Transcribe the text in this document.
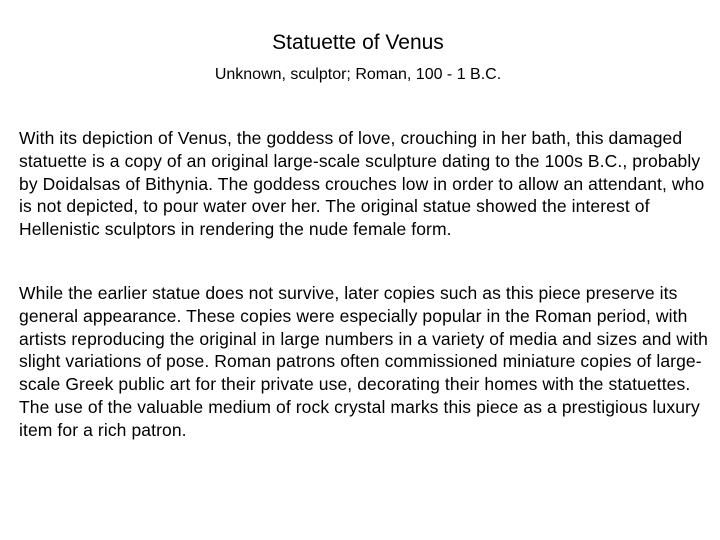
Statuette of Venus
Unknown, sculptor; Roman, 100 - 1 B.C.

With its depiction of Venus, the goddess of love, crouching in her bath, this damaged statuette is a copy of an original large-scale sculpture dating to the 100s B.C., probably by Doidalsas of Bithynia. The goddess crouches low in order to allow an attendant, who is not depicted, to pour water over her. The original statue showed the interest of Hellenistic sculptors in rendering the nude female form.

While the earlier statue does not survive, later copies such as this piece preserve its general appearance. These copies were especially popular in the Roman period, with artists reproducing the original in large numbers in a variety of media and sizes and with slight variations of pose. Roman patrons often commissioned miniature copies of large-scale Greek public art for their private use, decorating their homes with the statuettes. The use of the valuable medium of rock crystal marks this piece as a prestigious luxury item for a rich patron.
